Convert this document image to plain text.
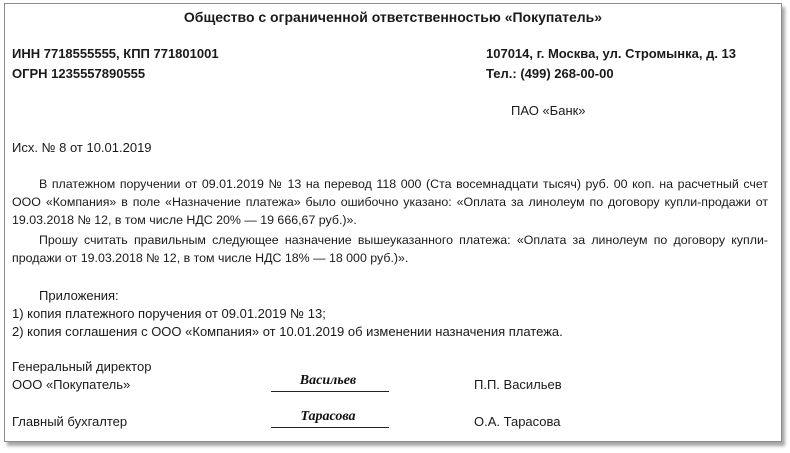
Общество с ограниченной ответственностью «Покупатель»
ИНН 7718555555, КПП 771801001
ОГРН 1235557890555
107014, г. Москва, ул. Стромынка, д. 13
Тел.: (499) 268-00-00
ПАО «Банк»
Исх. № 8 от 10.01.2019
В платежном поручении от 09.01.2019 № 13 на перевод 118 000 (Ста восемнадцати тысяч) руб. 00 коп. на расчетный счет ООО «Компания» в поле «Назначение платежа» было ошибочно указано: «Оплата за линолеум по договору купли-продажи от 19.03.2018 № 12, в том числе НДС 20% — 19 666,67 руб.)».
Прошу считать правильным следующее назначение вышеуказанного платежа: «Оплата за линолеум по договору купли-продажи от 19.03.2018 № 12, в том числе НДС 18% — 18 000 руб.)».
Приложения:
1) копия платежного поручения от 09.01.2019 № 13;
2) копия соглашения с ООО «Компания» от 10.01.2019 об изменении назначения платежа.
Генеральный директор
ООО «Покупатель»	Васильев	П.П. Васильев
Главный бухгалтер	Тарасова	О.А. Тарасова
